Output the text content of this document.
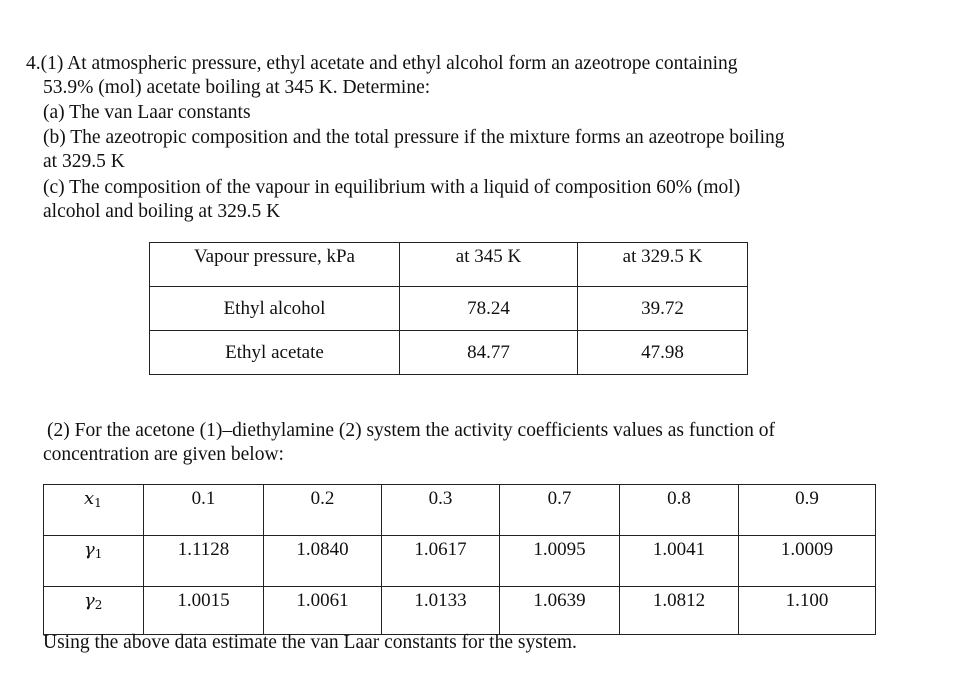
4.(1) At atmospheric pressure, ethyl acetate and ethyl alcohol form an azeotrope containing
53.9% (mol) acetate boiling at 345 K. Determine:
(a) The van Laar constants
(b) The azeotropic composition and the total pressure if the mixture forms an azeotrope boiling
at 329.5 K
(c) The composition of the vapour in equilibrium with a liquid of composition 60% (mol)
alcohol and boiling at 329.5 K
Vapour pressure, kPa	at 345 K	at 329.5 K
Ethyl alcohol	78.24	39.72
Ethyl acetate	84.77	47.98
(2) For the acetone (1)–diethylamine (2) system the activity coefficients values as function of
concentration are given below:
$x_1$	0.1	0.2	0.3	0.7	0.8	0.9
$\gamma_1$	1.1128	1.0840	1.0617	1.0095	1.0041	1.0009
$\gamma_2$	1.0015	1.0061	1.0133	1.0639	1.0812	1.100
Using the above data estimate the van Laar constants for the system.
